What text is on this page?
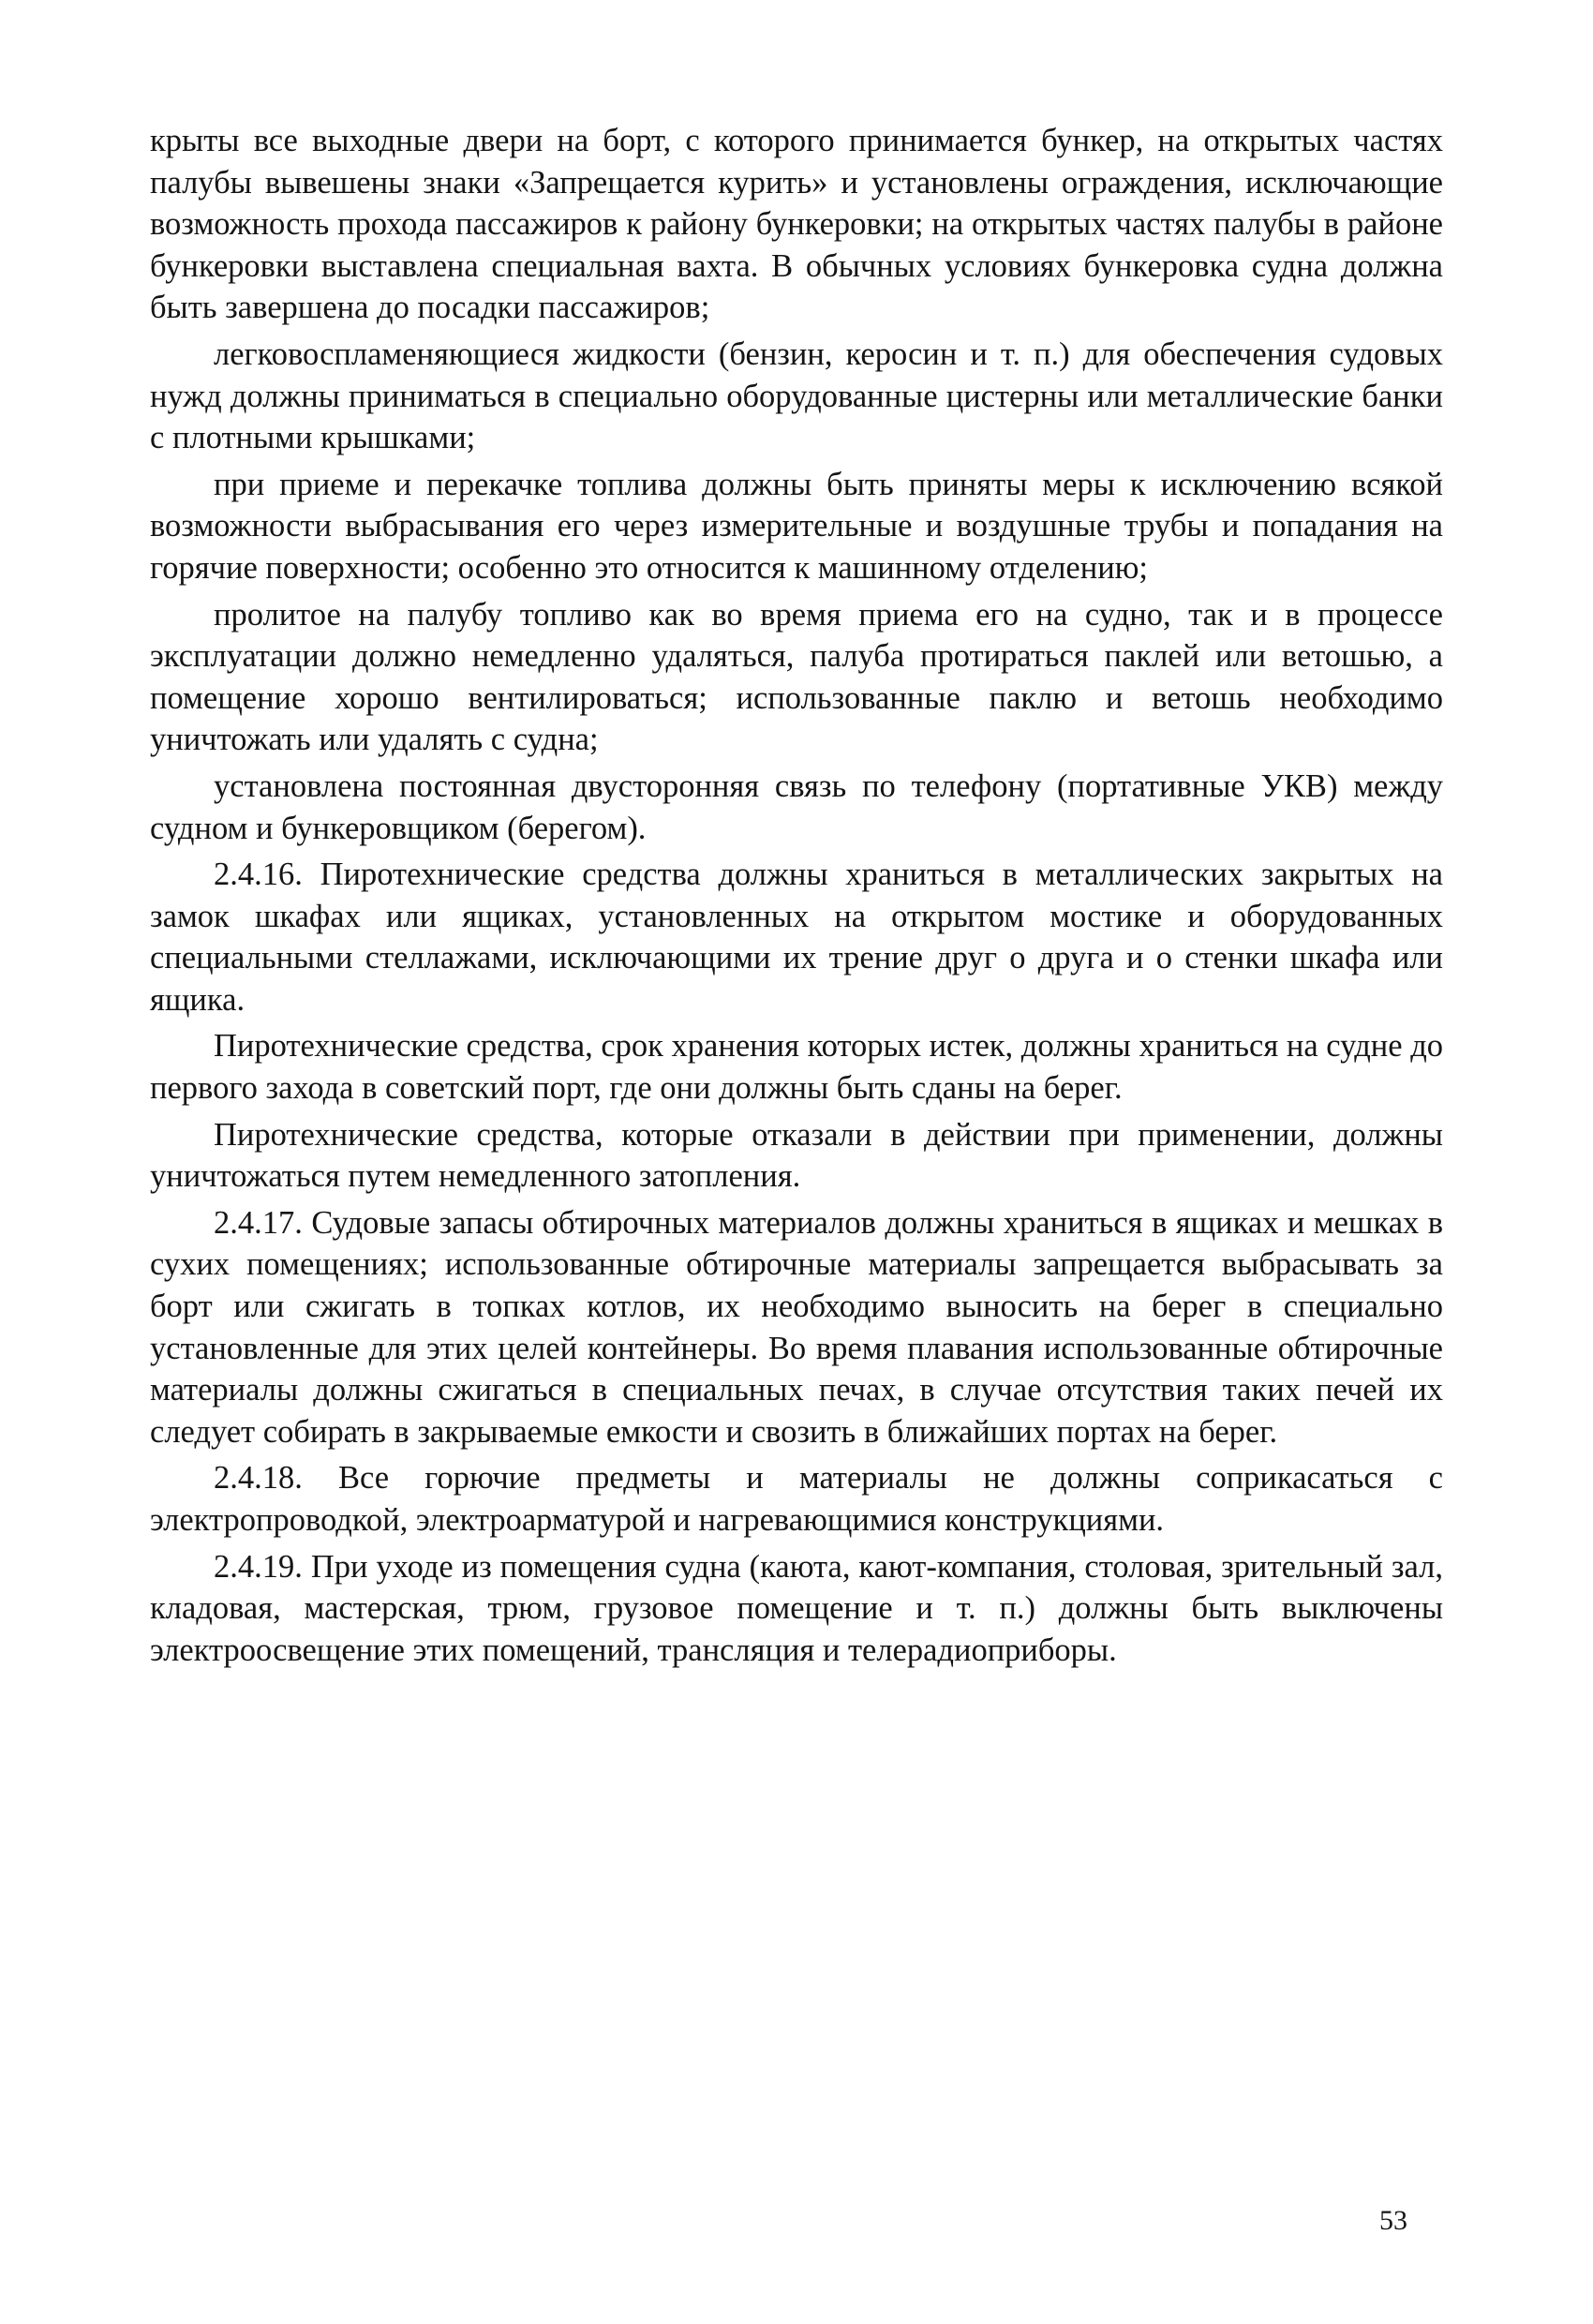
крыты все выходные двери на борт, с которого принимается бункер, на открытых частях палубы вывешены знаки «Запрещается курить» и установлены ограждения, исключающие возможность прохода пассажиров к району бункеровки; на открытых частях палубы в районе бункеровки выставлена специальная вахта. В обычных условиях бункеровка судна должна быть завершена до посадки пассажиров;

легковоспламеняющиеся жидкости (бензин, керосин и т. п.) для обеспечения судовых нужд должны приниматься в специально оборудованные цистерны или металлические банки с плотными крышками;

при приеме и перекачке топлива должны быть приняты меры к исключению всякой возможности выбрасывания его через измерительные и воздушные трубы и попадания на горячие поверхности; особенно это относится к машинному отделению;

пролитое на палубу топливо как во время приема его на судно, так и в процессе эксплуатации должно немедленно удаляться, палуба протираться паклей или ветошью, а помещение хорошо вентилироваться; использованные паклю и ветошь необходимо уничтожать или удалять с судна;

установлена постоянная двусторонняя связь по телефону (портативные УКВ) между судном и бункеровщиком (берегом).

2.4.16. Пиротехнические средства должны храниться в металлических закрытых на замок шкафах или ящиках, установленных на открытом мостике и оборудованных специальными стеллажами, исключающими их трение друг о друга и о стенки шкафа или ящика.

Пиротехнические средства, срок хранения которых истек, должны храниться на судне до первого захода в советский порт, где они должны быть сданы на берег.

Пиротехнические средства, которые отказали в действии при применении, должны уничтожаться путем немедленного затопления.

2.4.17. Судовые запасы обтирочных материалов должны храниться в ящиках и мешках в сухих помещениях; использованные обтирочные материалы запрещается выбрасывать за борт или сжигать в топках котлов, их необходимо выносить на берег в специально установленные для этих целей контейнеры. Во время плавания использованные обтирочные материалы должны сжигаться в специальных печах, в случае отсутствия таких печей их следует собирать в закрываемые емкости и свозить в ближайших портах на берег.

2.4.18. Все горючие предметы и материалы не должны соприкасаться с электропроводкой, электроарматурой и нагревающимися конструкциями.

2.4.19. При уходе из помещения судна (каюта, кают-компания, столовая, зрительный зал, кладовая, мастерская, трюм, грузовое помещение и т. п.) должны быть выключены электроосвещение этих помещений, трансляция и телерадиоприборы.

53
